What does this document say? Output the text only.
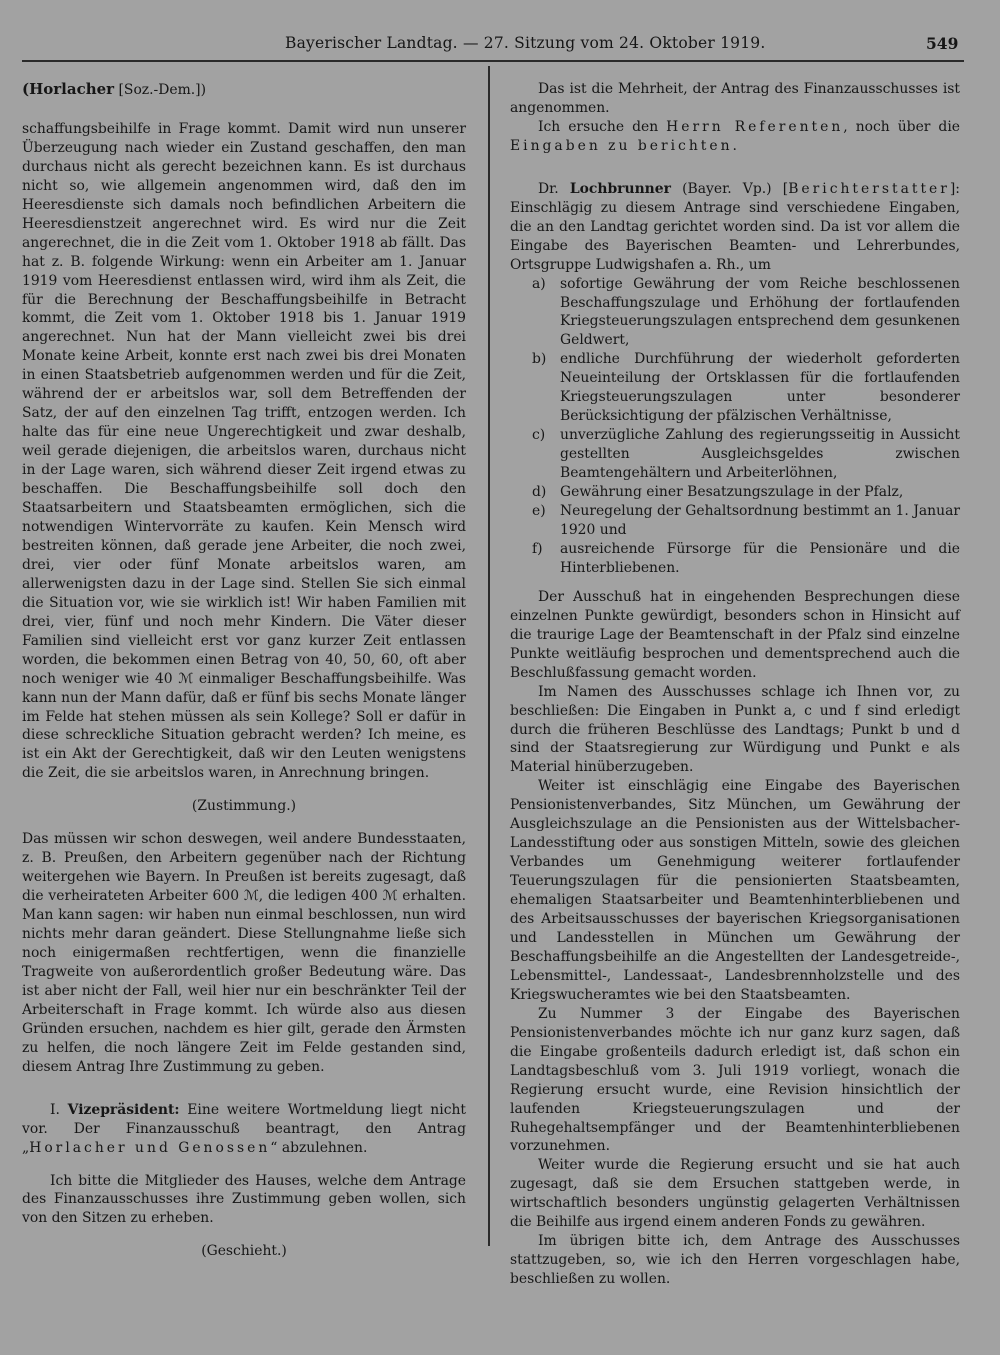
Bayerischer Landtag. — 27. Sitzung vom 24. Oktober 1919.	549

(Horlacher [Soz.-Dem.])

schaffungsbeihilfe in Frage kommt. Damit wird nun unserer Überzeugung nach wieder ein Zustand geschaffen, den man durchaus nicht als gerecht bezeichnen kann. Es ist durchaus nicht so, wie allgemein angenommen wird, daß den im Heeresdienste sich damals noch befindlichen Arbeitern die Heeresdienstzeit angerechnet wird. Es wird nur die Zeit angerechnet, die in die Zeit vom 1. Oktober 1918 ab fällt. Das hat z. B. folgende Wirkung: wenn ein Arbeiter am 1. Januar 1919 vom Heeresdienst entlassen wird, wird ihm als Zeit, die für die Berechnung der Beschaffungsbeihilfe in Betracht kommt, die Zeit vom 1. Oktober 1918 bis 1. Januar 1919 angerechnet. Nun hat der Mann vielleicht zwei bis drei Monate keine Arbeit, konnte erst nach zwei bis drei Monaten in einen Staatsbetrieb aufgenommen werden und für die Zeit, während der er arbeitslos war, soll dem Betreffenden der Satz, der auf den einzelnen Tag trifft, entzogen werden. Ich halte das für eine neue Ungerechtigkeit und zwar deshalb, weil gerade diejenigen, die arbeitslos waren, durchaus nicht in der Lage waren, sich während dieser Zeit irgend etwas zu beschaffen. Die Beschaffungsbeihilfe soll doch den Staatsarbeitern und Staatsbeamten ermöglichen, sich die notwendigen Wintervorräte zu kaufen. Kein Mensch wird bestreiten können, daß gerade jene Arbeiter, die noch zwei, drei, vier oder fünf Monate arbeitslos waren, am allerwenigsten dazu in der Lage sind. Stellen Sie sich einmal die Situation vor, wie sie wirklich ist! Wir haben Familien mit drei, vier, fünf und noch mehr Kindern. Die Väter dieser Familien sind vielleicht erst vor ganz kurzer Zeit entlassen worden, die bekommen einen Betrag von 40, 50, 60, oft aber noch weniger wie 40 ℳ einmaliger Beschaffungsbeihilfe. Was kann nun der Mann dafür, daß er fünf bis sechs Monate länger im Felde hat stehen müssen als sein Kollege? Soll er dafür in diese schreckliche Situation gebracht werden? Ich meine, es ist ein Akt der Gerechtigkeit, daß wir den Leuten wenigstens die Zeit, die sie arbeitslos waren, in Anrechnung bringen.

(Zustimmung.)

Das müssen wir schon deswegen, weil andere Bundesstaaten, z. B. Preußen, den Arbeitern gegenüber nach der Richtung weitergehen wie Bayern. In Preußen ist bereits zugesagt, daß die verheirateten Arbeiter 600 ℳ, die ledigen 400 ℳ erhalten. Man kann sagen: wir haben nun einmal beschlossen, nun wird nichts mehr daran geändert. Diese Stellungnahme ließe sich noch einigermaßen rechtfertigen, wenn die finanzielle Tragweite von außerordentlich großer Bedeutung wäre. Das ist aber nicht der Fall, weil hier nur ein beschränkter Teil der Arbeiterschaft in Frage kommt. Ich würde also aus diesen Gründen ersuchen, nachdem es hier gilt, gerade den Ärmsten zu helfen, die noch längere Zeit im Felde gestanden sind, diesem Antrag Ihre Zustimmung zu geben.

I. Vizepräsident: Eine weitere Wortmeldung liegt nicht vor. Der Finanzausschuß beantragt, den Antrag „Horlacher und Genossen“ abzulehnen.

Ich bitte die Mitglieder des Hauses, welche dem Antrage des Finanzausschusses ihre Zustimmung geben wollen, sich von den Sitzen zu erheben.

(Geschieht.)

Das ist die Mehrheit, der Antrag des Finanzausschusses ist angenommen.

Ich ersuche den Herrn Referenten, noch über die Eingaben zu berichten.

Dr. Lochbrunner (Bayer. Vp.) [Berichterstatter]: Einschlägig zu diesem Antrage sind verschiedene Eingaben, die an den Landtag gerichtet worden sind. Da ist vor allem die Eingabe des Bayerischen Beamten- und Lehrerbundes, Ortsgruppe Ludwigshafen a. Rh., um

a) sofortige Gewährung der vom Reiche beschlossenen Beschaffungszulage und Erhöhung der fortlaufenden Kriegsteuerungszulagen entsprechend dem gesunkenen Geldwert,
b) endliche Durchführung der wiederholt geforderten Neueinteilung der Ortsklassen für die fortlaufenden Kriegsteuerungszulagen unter besonderer Berücksichtigung der pfälzischen Verhältnisse,
c) unverzügliche Zahlung des regierungsseitig in Aussicht gestellten Ausgleichsgeldes zwischen Beamtengehältern und Arbeiterlöhnen,
d) Gewährung einer Besatzungszulage in der Pfalz,
e) Neuregelung der Gehaltsordnung bestimmt an 1. Januar 1920 und
f) ausreichende Fürsorge für die Pensionäre und die Hinterbliebenen.

Der Ausschuß hat in eingehenden Besprechungen diese einzelnen Punkte gewürdigt, besonders schon in Hinsicht auf die traurige Lage der Beamtenschaft in der Pfalz sind einzelne Punkte weitläufig besprochen und dementsprechend auch die Beschlußfassung gemacht worden.

Im Namen des Ausschusses schlage ich Ihnen vor, zu beschließen: Die Eingaben in Punkt a, c und f sind erledigt durch die früheren Beschlüsse des Landtags; Punkt b und d sind der Staatsregierung zur Würdigung und Punkt e als Material hinüberzugeben.

Weiter ist einschlägig eine Eingabe des Bayerischen Pensionistenverbandes, Sitz München, um Gewährung der Ausgleichszulage an die Pensionisten aus der Wittelsbacher-Landesstiftung oder aus sonstigen Mitteln, sowie des gleichen Verbandes um Genehmigung weiterer fortlaufender Teuerungszulagen für die pensionierten Staatsbeamten, ehemaligen Staatsarbeiter und Beamtenhinterbliebenen und des Arbeitsausschusses der bayerischen Kriegsorganisationen und Landesstellen in München um Gewährung der Beschaffungsbeihilfe an die Angestellten der Landesgetreide-, Lebensmittel-, Landessaat-, Landesbrennholzstelle und des Kriegswucheramtes wie bei den Staatsbeamten.

Zu Nummer 3 der Eingabe des Bayerischen Pensionistenverbandes möchte ich nur ganz kurz sagen, daß die Eingabe großenteils dadurch erledigt ist, daß schon ein Landtagsbeschluß vom 3. Juli 1919 vorliegt, wonach die Regierung ersucht wurde, eine Revision hinsichtlich der laufenden Kriegsteuerungszulagen und der Ruhegehaltsempfänger und der Beamtenhinterbliebenen vorzunehmen.

Weiter wurde die Regierung ersucht und sie hat auch zugesagt, daß sie dem Ersuchen stattgeben werde, in wirtschaftlich besonders ungünstig gelagerten Verhältnissen die Beihilfe aus irgend einem anderen Fonds zu gewähren.

Im übrigen bitte ich, dem Antrage des Ausschusses stattzugeben, so, wie ich den Herren vorgeschlagen habe, beschließen zu wollen.
